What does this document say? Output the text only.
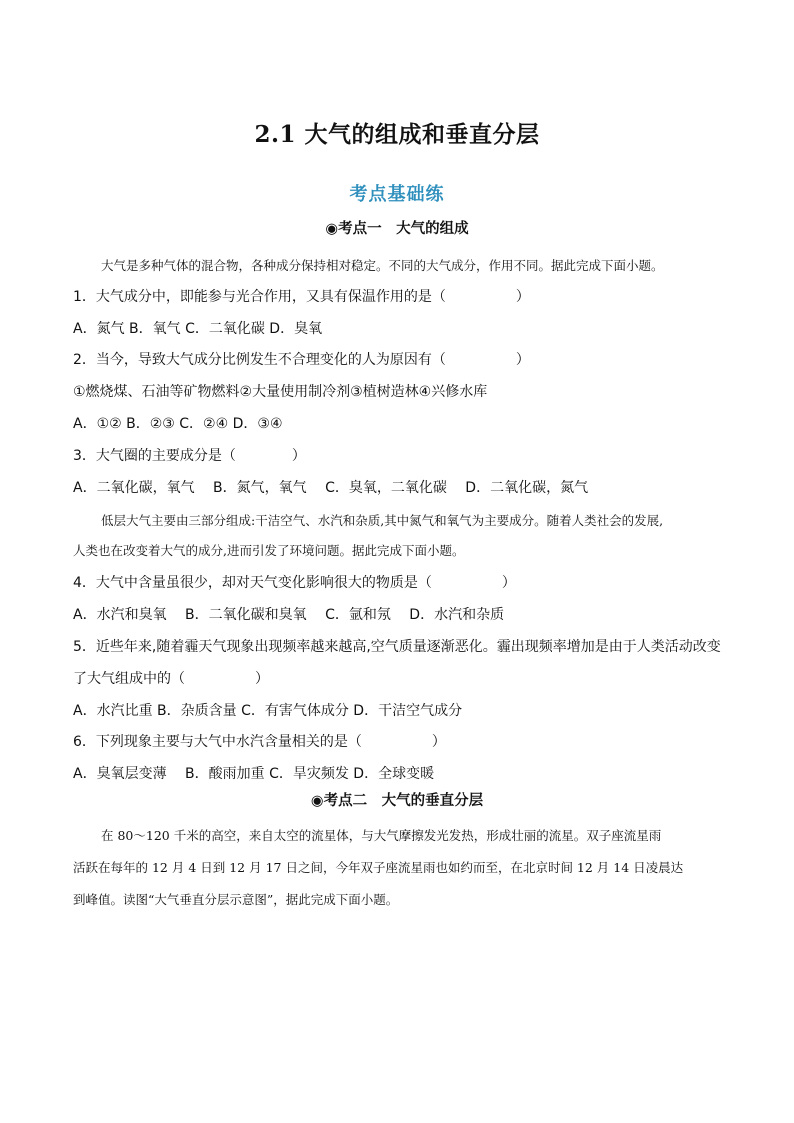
2.1 大气的组成和垂直分层
考点基础练
◉考点一　大气的组成
大气是多种气体的混合物，各种成分保持相对稳定。不同的大气成分，作用不同。据此完成下面小题。
1．大气成分中，即能参与光合作用，又具有保温作用的是（　　　　　）
A．氮气 B．氧气 C．二氧化碳 D．臭氧
2．当今，导致大气成分比例发生不合理变化的人为原因有（　　　　　）
①燃烧煤、石油等矿物燃料②大量使用制冷剂③植树造林④兴修水库
A．①② B．②③ C．②④ D．③④
3．大气圈的主要成分是（　　　　）
A．二氧化碳，氧气　 B．氮气，氧气　 C．臭氧，二氧化碳　 D．二氧化碳，氮气
低层大气主要由三部分组成:干洁空气、水汽和杂质,其中氮气和氧气为主要成分。随着人类社会的发展,
人类也在改变着大气的成分,进而引发了环境问题。据此完成下面小题。
4．大气中含量虽很少，却对天气变化影响很大的物质是（　　　　　）
A．水汽和臭氧　 B．二氧化碳和臭氧　 C．氩和氖　 D．水汽和杂质
5．近些年来,随着霾天气现象出现频率越来越高,空气质量逐渐恶化。霾出现频率增加是由于人类活动改变
了大气组成中的（　　　　　）
A．水汽比重 B．杂质含量 C．有害气体成分 D．干洁空气成分
6．下列现象主要与大气中水汽含量相关的是（　　　　　）
A．臭氧层变薄　 B．酸雨加重 C．旱灾频发 D．全球变暖
◉考点二　大气的垂直分层
在 80～120 千米的高空，来自太空的流星体，与大气摩擦发光发热，形成壮丽的流星。双子座流星雨
活跃在每年的 12 月 4 日到 12 月 17 日之间，今年双子座流星雨也如约而至，在北京时间 12 月 14 日凌晨达
到峰值。读图“大气垂直分层示意图”，据此完成下面小题。
